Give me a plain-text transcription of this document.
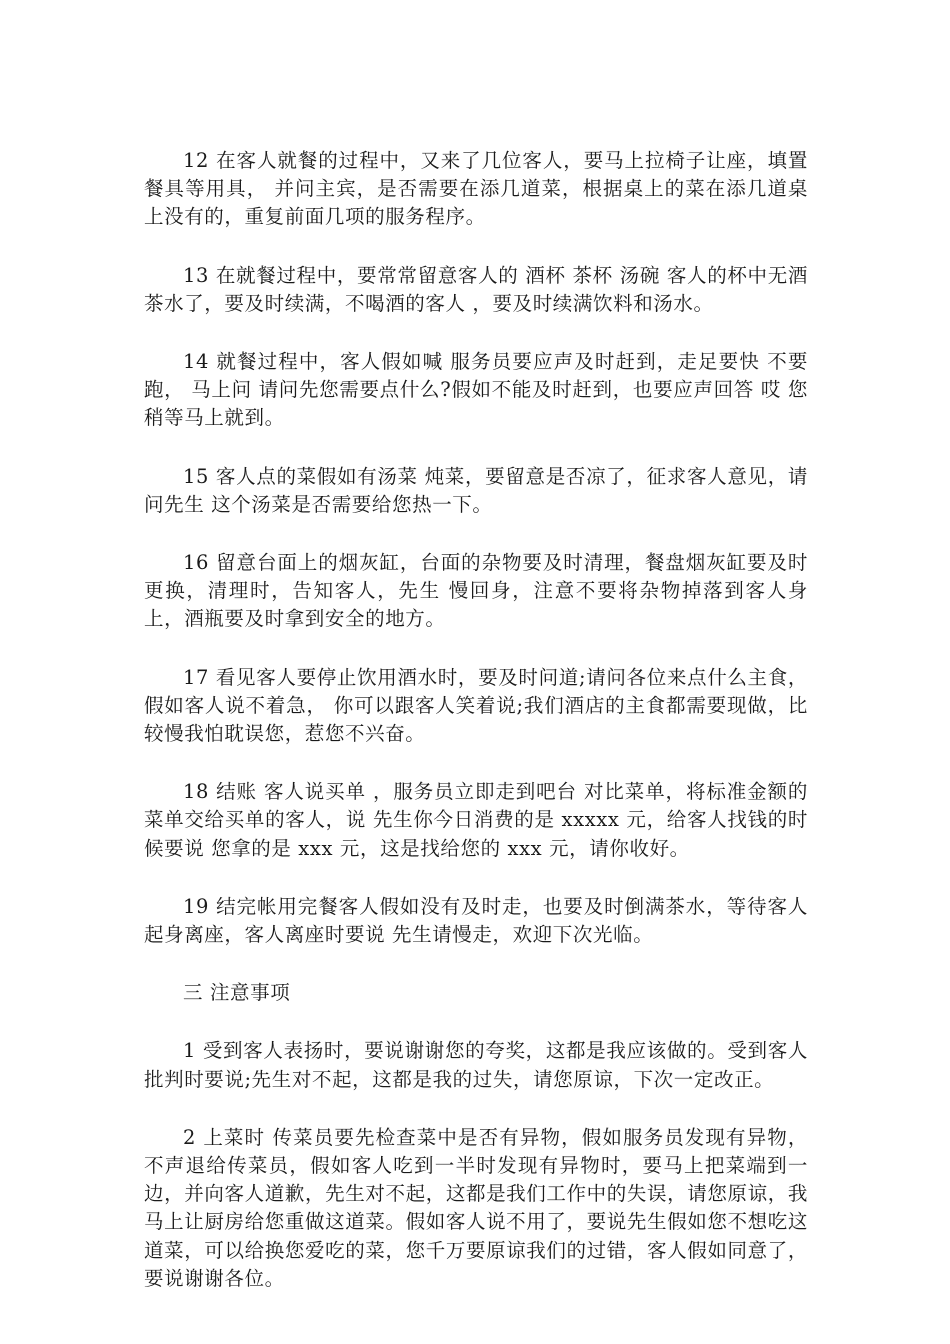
12 在客人就餐的过程中，又来了几位客人，要马上拉椅子让座，填置餐具等用具， 并问主宾，是否需要在添几道菜，根据桌上的菜在添几道桌上没有的，重复前面几项的服务程序。

13 在就餐过程中，要常常留意客人的 酒杯 茶杯 汤碗 客人的杯中无酒 茶水了，要及时续满，不喝酒的客人 ，要及时续满饮料和汤水。

14 就餐过程中，客人假如喊 服务员要应声及时赶到，走足要快 不要跑， 马上问 请问先您需要点什么?假如不能及时赶到，也要应声回答 哎 您稍等马上就到。

15 客人点的菜假如有汤菜 炖菜，要留意是否凉了，征求客人意见，请问先生 这个汤菜是否需要给您热一下。

16 留意台面上的烟灰缸，台面的杂物要及时清理，餐盘烟灰缸要及时更换，清理时，告知客人，先生 慢回身，注意不要将杂物掉落到客人身上，酒瓶要及时拿到安全的地方。

17 看见客人要停止饮用酒水时，要及时问道;请问各位来点什么主食，假如客人说不着急， 你可以跟客人笑着说;我们酒店的主食都需要现做，比较慢我怕耽误您，惹您不兴奋。

18 结账 客人说买单 ，服务员立即走到吧台 对比菜单，将标准金额的菜单交给买单的客人，说 先生你今日消费的是 xxxxx 元，给客人找钱的时候要说 您拿的是 xxx 元，这是找给您的 xxx 元，请你收好。

19 结完帐用完餐客人假如没有及时走，也要及时倒满茶水，等待客人起身离座，客人离座时要说 先生请慢走，欢迎下次光临。

三 注意事项

1 受到客人表扬时，要说谢谢您的夸奖，这都是我应该做的。受到客人批判时要说;先生对不起，这都是我的过失，请您原谅，下次一定改正。

2 上菜时 传菜员要先检查菜中是否有异物，假如服务员发现有异物，不声退给传菜员，假如客人吃到一半时发现有异物时，要马上把菜端到一边，并向客人道歉，先生对不起，这都是我们工作中的失误，请您原谅，我马上让厨房给您重做这道菜。假如客人说不用了，要说先生假如您不想吃这道菜，可以给换您爱吃的菜，您千万要原谅我们的过错，客人假如同意了，要说谢谢各位。
